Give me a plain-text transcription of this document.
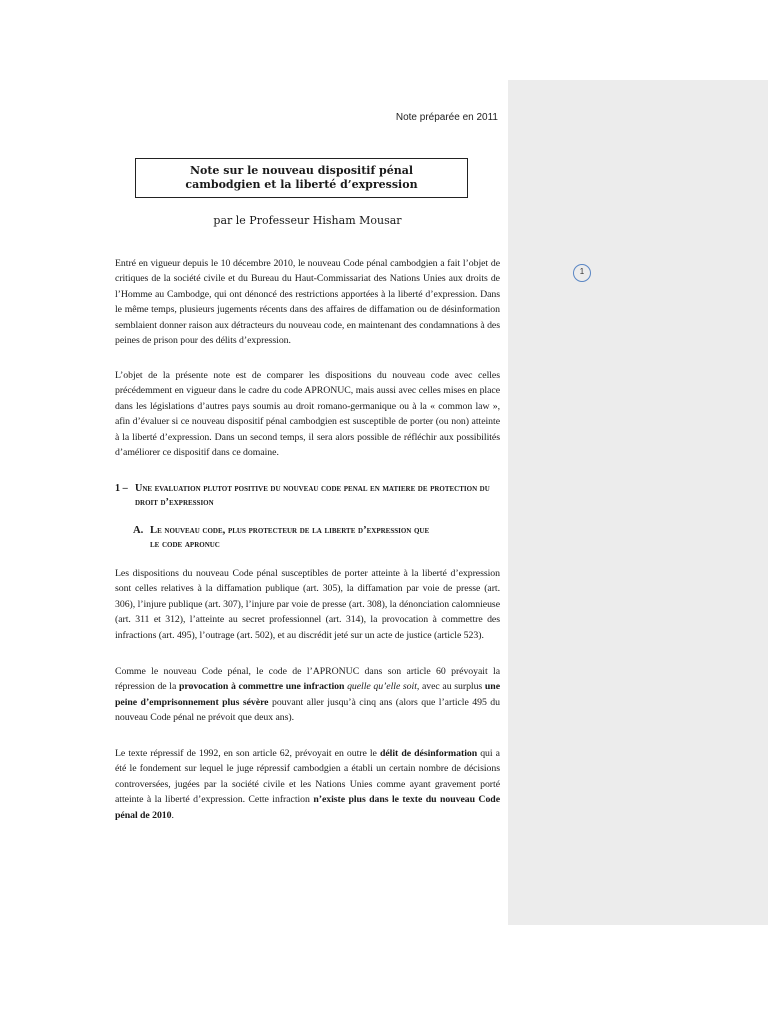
1
Note préparée en 2011
Note sur le nouveau dispositif pénal
cambodgien et la liberté d’expression
par le Professeur Hisham Mousar
Entré en vigueur depuis le 10 décembre 2010, le nouveau Code pénal cambodgien a fait l’objet de critiques de la société civile et du Bureau du Haut-Commissariat des Nations Unies aux droits de l’Homme au Cambodge, qui ont dénoncé des restrictions apportées à la liberté d’expression. Dans le même temps, plusieurs jugements récents dans des affaires de diffamation ou de désinformation semblaient donner raison aux détracteurs du nouveau code, en maintenant des condamnations à des peines de prison pour des délits d’expression.
L’objet de la présente note est de comparer les dispositions du nouveau code avec celles précédemment en vigueur dans le cadre du code APRONUC, mais aussi avec celles mises en place dans les législations d’autres pays soumis au droit romano-germanique ou à la « common law », afin d’évaluer si ce nouveau dispositif pénal cambodgien est susceptible de porter (ou non) atteinte à la liberté d’expression. Dans un second temps, il sera alors possible de réfléchir aux possibilités d’améliorer ce dispositif dans ce domaine.
1 – Une evaluation plutot positive du nouveau code penal en matiere de protection du droit d’expression
A. Le nouveau code, plus protecteur de la liberte d’expression que le code apronuc
Les dispositions du nouveau Code pénal susceptibles de porter atteinte à la liberté d’expression sont celles relatives à la diffamation publique (art. 305), la diffamation par voie de presse (art. 306), l’injure publique (art. 307), l’injure par voie de presse (art. 308), la dénonciation calomnieuse (art. 311 et 312), l’atteinte au secret professionnel (art. 314), la provocation à commettre des infractions (art. 495), l’outrage (art. 502), et au discrédit jeté sur un acte de justice (article 523).
Comme le nouveau Code pénal, le code de l’APRONUC dans son article 60 prévoyait la répression de la provocation à commettre une infraction quelle qu’elle soit, avec au surplus une peine d’emprisonnement plus sévère pouvant aller jusqu’à cinq ans (alors que l’article 495 du nouveau Code pénal ne prévoit que deux ans).
Le texte répressif de 1992, en son article 62, prévoyait en outre le délit de désinformation qui a été le fondement sur lequel le juge répressif cambodgien a établi un certain nombre de décisions controversées, jugées par la société civile et les Nations Unies comme ayant gravement porté atteinte à la liberté d’expression. Cette infraction n’existe plus dans le texte du nouveau Code pénal de 2010.
